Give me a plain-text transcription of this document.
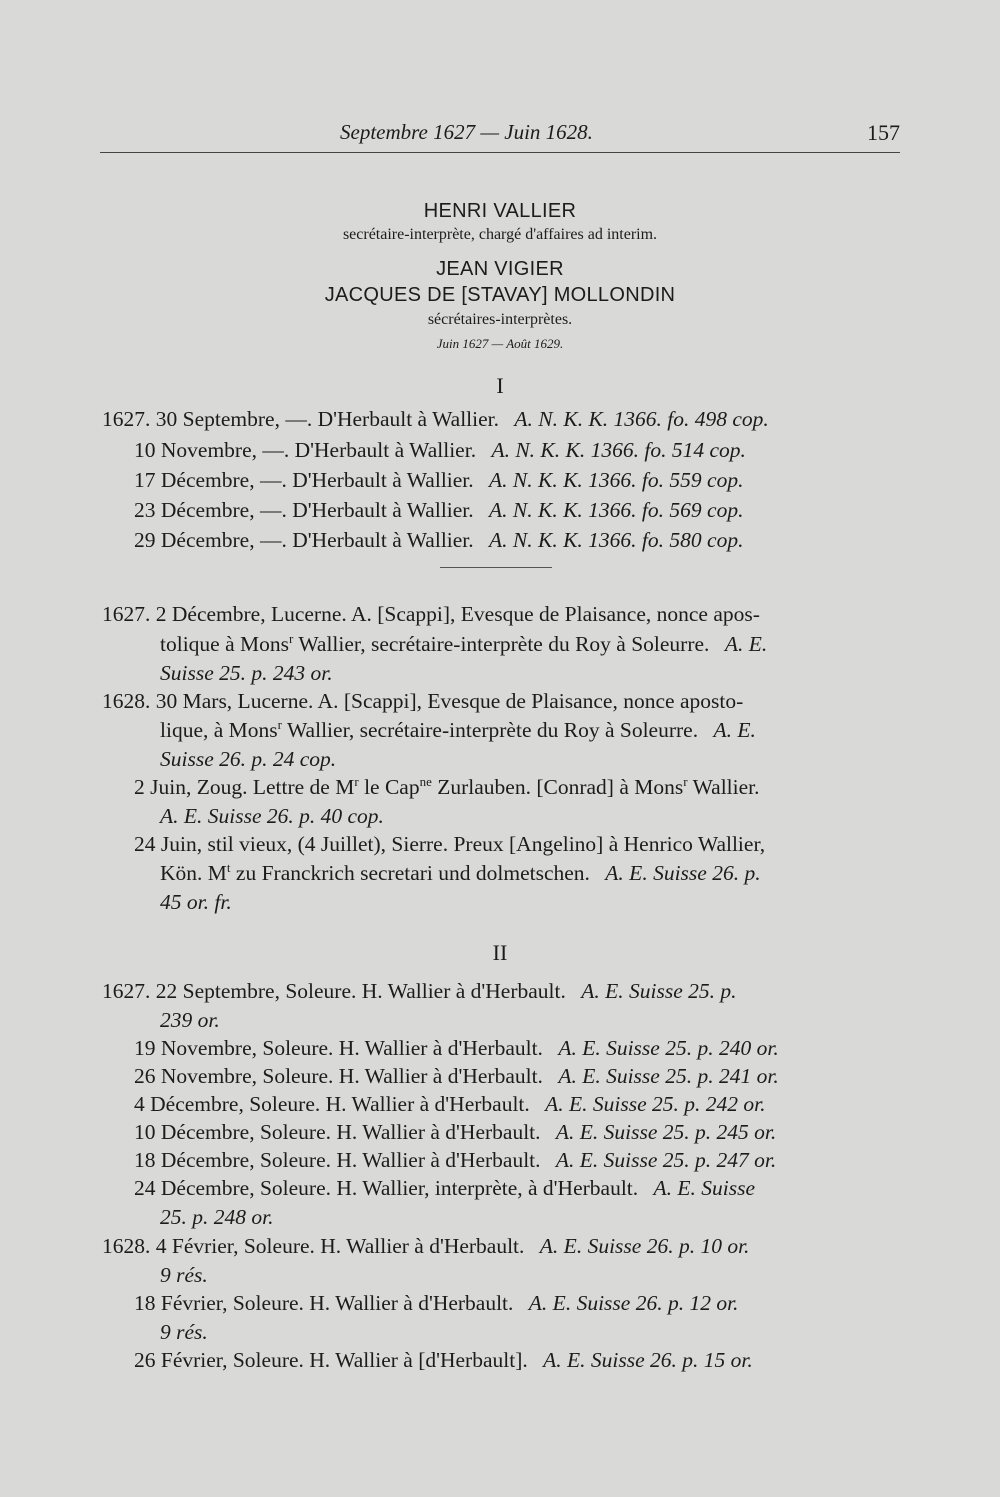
Septembre 1627 — Juin 1628.	157
HENRI VALLIER
secrétaire-interprète, chargé d'affaires ad interim.
JEAN VIGIER
JACQUES DE [STAVAY] MOLLONDIN
sécrétaires-interprètes.
Juin 1627 — Août 1629.
I
1627. 30 Septembre, —. D'Herbault à Wallier. A. N. K. K. 1366. fo. 498 cop.
10 Novembre, —. D'Herbault à Wallier. A. N. K. K. 1366. fo. 514 cop.
17 Décembre, —. D'Herbault à Wallier. A. N. K. K. 1366. fo. 559 cop.
23 Décembre, —. D'Herbault à Wallier. A. N. K. K. 1366. fo. 569 cop.
29 Décembre, —. D'Herbault à Wallier. A. N. K. K. 1366. fo. 580 cop.
1627. 2 Décembre, Lucerne. A. [Scappi], Evesque de Plaisance, nonce apos-
tolique à Mons$^r$ Wallier, secrétaire-interprète du Roy à Soleurre. A. E.
Suisse 25. p. 243 or.
1628. 30 Mars, Lucerne. A. [Scappi], Evesque de Plaisance, nonce aposto-
lique, à Mons$^r$ Wallier, secrétaire-interprète du Roy à Soleurre. A. E.
Suisse 26. p. 24 cop.
2 Juin, Zoug. Lettre de $M^r$ le Cap$^{ne}$ Zurlauben. [Conrad] à Mons$^r$ Wallier.
A. E. Suisse 26. p. 40 cop.
24 Juin, stil vieux, (4 Juillet), Sierre. Preux [Angelino] à Henrico Wallier,
Kön. $M^t$ zu Franckrich secretari und dolmetschen. A. E. Suisse 26. p.
45 or. fr.
II
1627. 22 Septembre, Soleure. H. Wallier à d'Herbault. A. E. Suisse 25. p.
239 or.
19 Novembre, Soleure. H. Wallier à d'Herbault. A. E. Suisse 25. p. 240 or.
26 Novembre, Soleure. H. Wallier à d'Herbault. A. E. Suisse 25. p. 241 or.
4 Décembre, Soleure. H. Wallier à d'Herbault. A. E. Suisse 25. p. 242 or.
10 Décembre, Soleure. H. Wallier à d'Herbault. A. E. Suisse 25. p. 245 or.
18 Décembre, Soleure. H. Wallier à d'Herbault. A. E. Suisse 25. p. 247 or.
24 Décembre, Soleure. H. Wallier, interprète, à d'Herbault. A. E. Suisse
25. p. 248 or.
1628. 4 Février, Soleure. H. Wallier à d'Herbault. A. E. Suisse 26. p. 10 or.
9 rés.
18 Février, Soleure. H. Wallier à d'Herbault. A. E. Suisse 26. p. 12 or.
9 rés.
26 Février, Soleure. H. Wallier à [d'Herbault]. A. E. Suisse 26. p. 15 or.
